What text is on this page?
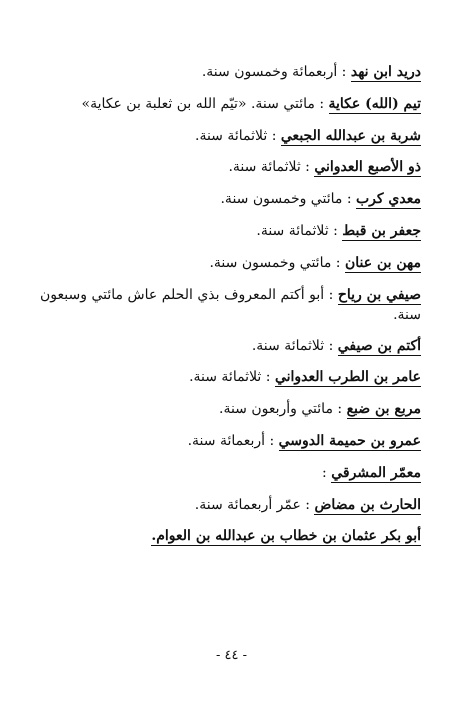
دريد ابن نهد : أربعمائة وخمسون سنة.
تيم (الله) عكاية : مائتي سنة. «تيّم الله بن ثعلبة بن عكاية»
شربة بن عبدالله الجبعي : ثلاثمائة سنة.
ذو الأصبع العدواني : ثلاثمائة سنة.
معدي كرب : مائتي وخمسون سنة.
جعفر بن قبط : ثلاثمائة سنة.
مهن بن عنان : مائتي وخمسون سنة.
صيفي بن رياح : أبو أكتم المعروف بذي الحلم عاش مائتي وسبعون سنة.
أكتم بن صيفي : ثلاثمائة سنة.
عامر بن الطرب العدواني : ثلاثمائة سنة.
مربع بن ضبع : مائتي وأربعون سنة.
عمرو بن حميمة الدوسي : أربعمائة سنة.
معمّر المشرقي :
الحارث بن مضاض : عمّر أربعمائة سنة.
أبو بكر عثمان بن خطاب بن عبدالله بن العوام.
- ٤٤ -
